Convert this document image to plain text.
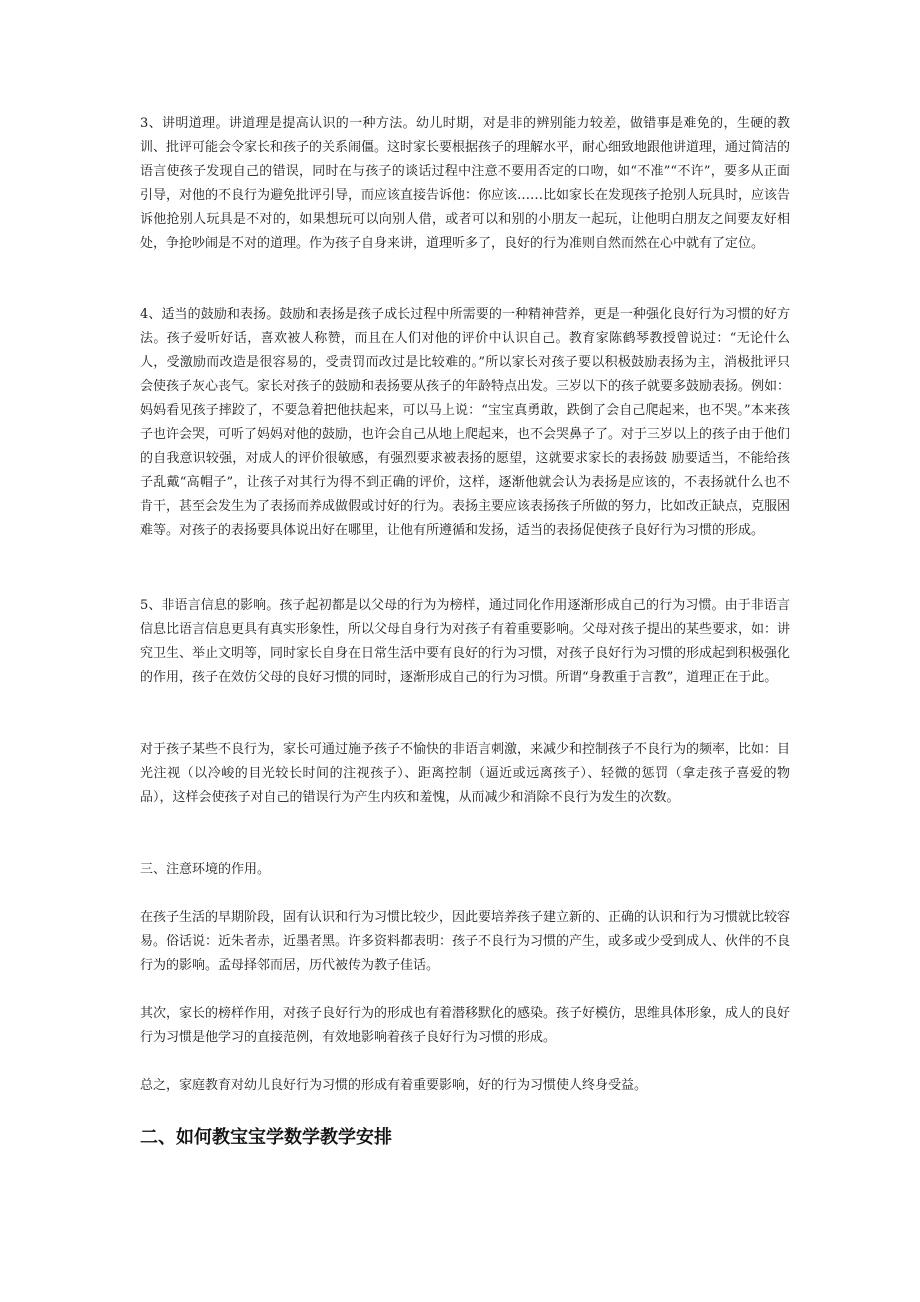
3、讲明道理。讲道理是提高认识的一种方法。幼儿时期，对是非的辨别能力较差，做错事是难免的，生硬的教训、批评可能会令家长和孩子的关系闹僵。这时家长要根据孩子的理解水平，耐心细致地跟他讲道理，通过简洁的语言使孩子发现自己的错误，同时在与孩子的谈话过程中注意不要用否定的口吻，如“不准”“不许”，要多从正面引导，对他的不良行为避免批评引导，而应该直接告诉他：你应该……比如家长在发现孩子抢别人玩具时，应该告诉他抢别人玩具是不对的，如果想玩可以向别人借，或者可以和别的小朋友一起玩，让他明白朋友之间要友好相处，争抢吵闹是不对的道理。作为孩子自身来讲，道理听多了，良好的行为准则自然而然在心中就有了定位。

4、适当的鼓励和表扬。鼓励和表扬是孩子成长过程中所需要的一种精神营养，更是一种强化良好行为习惯的好方法。孩子爱听好话，喜欢被人称赞，而且在人们对他的评价中认识自己。教育家陈鹤琴教授曾说过：“无论什么人，受激励而改造是很容易的，受责罚而改过是比较难的。”所以家长对孩子要以积极鼓励表扬为主，消极批评只会使孩子灰心丧气。家长对孩子的鼓励和表扬要从孩子的年龄特点出发。三岁以下的孩子就要多鼓励表扬。例如：妈妈看见孩子摔跤了，不要急着把他扶起来，可以马上说：“宝宝真勇敢，跌倒了会自己爬起来，也不哭。”本来孩子也许会哭，可听了妈妈对他的鼓励，也许会自己从地上爬起来，也不会哭鼻子了。对于三岁以上的孩子由于他们的自我意识较强，对成人的评价很敏感，有强烈要求被表扬的愿望，这就要求家长的表扬鼓 励要适当，不能给孩子乱戴“高帽子”，让孩子对其行为得不到正确的评价，这样，逐渐他就会认为表扬是应该的，不表扬就什么也不肯干，甚至会发生为了表扬而养成做假或讨好的行为。表扬主要应该表扬孩子所做的努力，比如改正缺点，克服困难等。对孩子的表扬要具体说出好在哪里，让他有所遵循和发扬，适当的表扬促使孩子良好行为习惯的形成。

5、非语言信息的影响。孩子起初都是以父母的行为为榜样，通过同化作用逐渐形成自己的行为习惯。由于非语言信息比语言信息更具有真实形象性，所以父母自身行为对孩子有着重要影响。父母对孩子提出的某些要求，如：讲究卫生、举止文明等，同时家长自身在日常生活中要有良好的行为习惯，对孩子良好行为习惯的形成起到积极强化的作用，孩子在效仿父母的良好习惯的同时，逐渐形成自己的行为习惯。所谓“身教重于言教”，道理正在于此。

对于孩子某些不良行为，家长可通过施予孩子不愉快的非语言刺激，来减少和控制孩子不良行为的频率，比如：目光注视（以冷峻的目光较长时间的注视孩子）、距离控制（逼近或远离孩子）、轻微的惩罚（拿走孩子喜爱的物品），这样会使孩子对自己的错误行为产生内疚和羞愧，从而减少和消除不良行为发生的次数。

三、注意环境的作用。

在孩子生活的早期阶段，固有认识和行为习惯比较少，因此要培养孩子建立新的、正确的认识和行为习惯就比较容易。俗话说：近朱者赤，近墨者黑。许多资料都表明：孩子不良行为习惯的产生，或多或少受到成人、伙伴的不良行为的影响。孟母择邻而居，历代被传为教子佳话。

其次，家长的榜样作用，对孩子良好行为的形成也有着潜移默化的感染。孩子好模仿，思维具体形象，成人的良好行为习惯是他学习的直接范例，有效地影响着孩子良好行为习惯的形成。

总之，家庭教育对幼儿良好行为习惯的形成有着重要影响，好的行为习惯使人终身受益。

二、如何教宝宝学数学教学安排
